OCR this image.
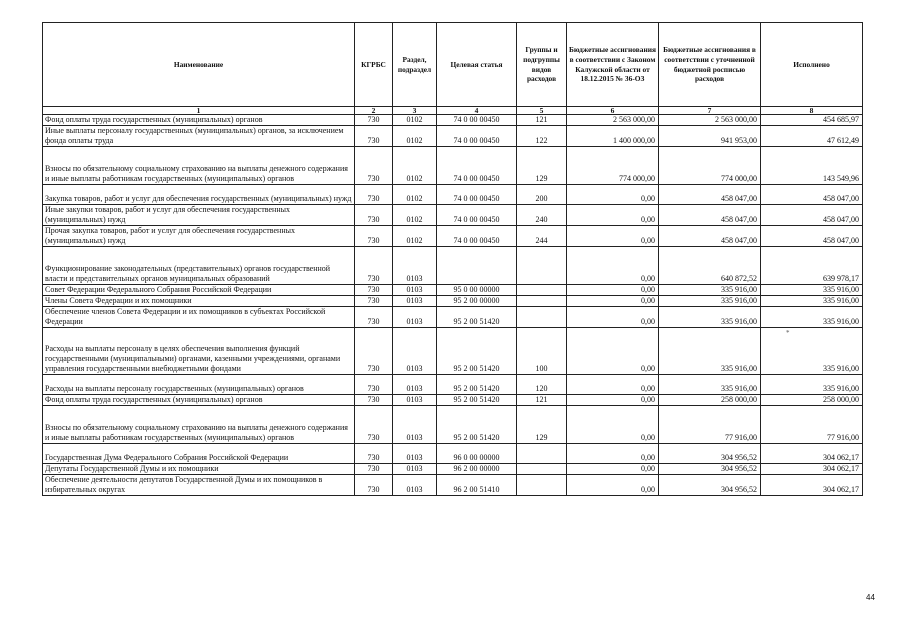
Наименование	КГРБС	Раздел, подраздел	Целевая статья	Группы и подгруппы видов расходов	Бюджетные ассигнования в соответствии с Законом Калужской области от 18.12.2015 № 36-ОЗ	Бюджетные ассигнования в соответствии с уточненной бюджетной росписью расходов	Исполнено
1	2	3	4	5	6	7	8
Фонд оплаты труда государственных (муниципальных) органов	730	0102	74 0 00 00450	121	2 563 000,00	2 563 000,00	454 685,97
Иные выплаты персоналу государственных (муниципальных) органов, за исключением фонда оплаты труда	730	0102	74 0 00 00450	122	1 400 000,00	941 953,00	47 612,49
Взносы по обязательному социальному страхованию на выплаты денежного содержания и иные выплаты работникам государственных (муниципальных) органов	730	0102	74 0 00 00450	129	774 000,00	774 000,00	143 549,96
Закупка товаров, работ и услуг для обеспечения государственных (муниципальных) нужд	730	0102	74 0 00 00450	200	0,00	458 047,00	458 047,00
Иные закупки товаров, работ и услуг для обеспечения государственных (муниципальных) нужд	730	0102	74 0 00 00450	240	0,00	458 047,00	458 047,00
Прочая закупка товаров, работ и услуг для обеспечения государственных (муниципальных) нужд	730	0102	74 0 00 00450	244	0,00	458 047,00	458 047,00
Функционирование законодательных (представительных) органов государственной власти и представительных органов муниципальных образований	730	0103			0,00	640 872,52	639 978,17
Совет Федерации Федерального Собрания Российской Федерации	730	0103	95 0 00 00000		0,00	335 916,00	335 916,00
Члены Совета Федерации и их помощники	730	0103	95 2 00 00000		0,00	335 916,00	335 916,00
Обеспечение членов Совета Федерации и их помощников в субъектах Российской Федерации	730	0103	95 2 00 51420		0,00	335 916,00	335 916,00
Расходы на выплаты персоналу в целях обеспечения выполнения функций государственными (муниципальными) органами, казенными учреждениями, органами управления государственными внебюджетными фондами	730	0103	95 2 00 51420	100	0,00	335 916,00	335 916,00
Расходы на выплаты персоналу государственных (муниципальных) органов	730	0103	95 2 00 51420	120	0,00	335 916,00	335 916,00
Фонд оплаты труда государственных (муниципальных) органов	730	0103	95 2 00 51420	121	0,00	258 000,00	258 000,00
Взносы по обязательному социальному страхованию на выплаты денежного содержания и иные выплаты работникам государственных (муниципальных) органов	730	0103	95 2 00 51420	129	0,00	77 916,00	77 916,00
Государственная Дума Федерального Собрания Российской Федерации	730	0103	96 0 00 00000		0,00	304 956,52	304 062,17
Депутаты Государственной Думы и их помощники	730	0103	96 2 00 00000		0,00	304 956,52	304 062,17
Обеспечение деятельности депутатов Государственной Думы и их помощников в избирательных округах	730	0103	96 2 00 51410		0,00	304 956,52	304 062,17
*
44
